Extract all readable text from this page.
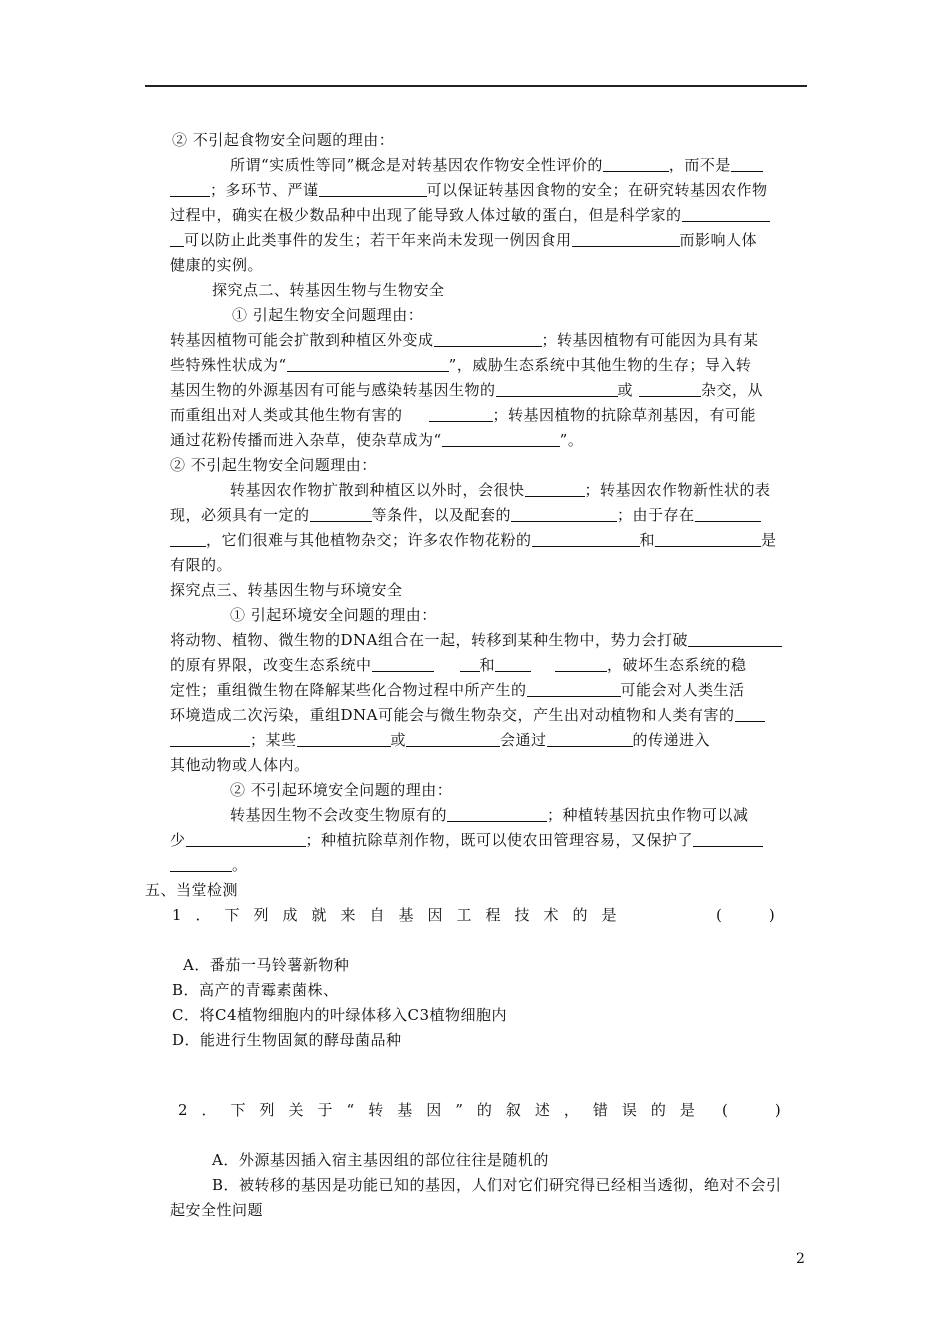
② 不引起食物安全问题的理由：
所谓“实质性等同”概念是对转基因农作物安全性评价的	，而不是
；多环节、严谨	可以保证转基因食物的安全；在研究转基因农作物
过程中，确实在极少数品种中出现了能导致人体过敏的蛋白，但是科学家的
可以防止此类事件的发生；若干年来尚未发现一例因食用	而影响人体
健康的实例。
探究点二、转基因生物与生物安全
① 引起生物安全问题理由：
转基因植物可能会扩散到种植区外变成	；转基因植物有可能因为具有某
些特殊性状成为“	”，威胁生态系统中其他生物的生存；导入转
基因生物的外源基因有可能与感染转基因生物的	或	杂交，从
而重组出对人类或其他生物有害的	；转基因植物的抗除草剂基因，有可能
通过花粉传播而进入杂草，使杂草成为“	”。
② 不引起生物安全问题理由：
转基因农作物扩散到种植区以外时，会很快	；转基因农作物新性状的表
现，必须具有一定的	等条件，以及配套的	；由于存在
，它们很难与其他植物杂交；许多农作物花粉的	和	是
有限的。
探究点三、转基因生物与环境安全
① 引起环境安全问题的理由：
将动物、植物、微生物的DNA组合在一起，转移到某种生物中，势力会打破
的原有界限，改变生态系统中	和	，破坏生态系统的稳
定性；重组微生物在降解某些化合物过程中所产生的	可能会对人类生活
环境造成二次污染，重组DNA可能会与微生物杂交，产生出对动植物和人类有害的
；某些	或	会通过	的传递进入
其他动物或人体内。
② 不引起环境安全问题的理由：
转基因生物不会改变生物原有的	；种植转基因抗虫作物可以减
少	；种植抗除草剂作物，既可以使农田管理容易，又保护了
。
五、当堂检测
1．下列成就来自基因工程技术的是	(　　　)
A．番茄一马铃薯新物种
B．高产的青霉素菌株、
C．将C4植物细胞内的叶绿体移入C3植物细胞内
D．能进行生物固氮的酵母菌品种
2．下列关于“转基因”的叙述，错误的是 (　　　)
A．外源基因插入宿主基因组的部位往往是随机的
B．被转移的基因是功能已知的基因，人们对它们研究得已经相当透彻，绝对不会引
起安全性问题
2
